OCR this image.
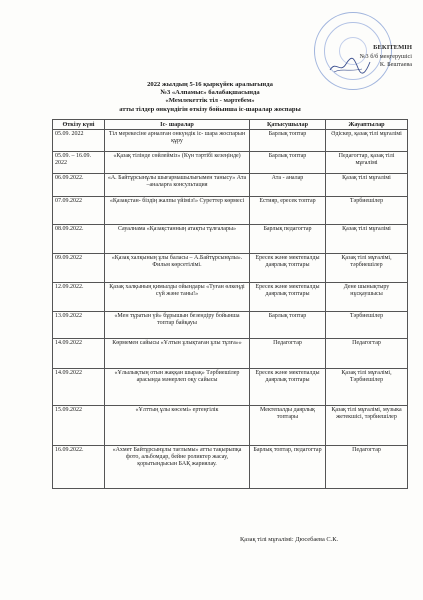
БЕКІТЕМІН
№3 б/б меңгерушісі
К. Бештаева
2022 жылдың 5-16 қыркүйек аралығында
№3 «Алпамыс» балабақшасында
«Мемлекеттік тіл - мәртебем»
атты тілдер онкүндігін өткізу бойынша іс-шаралар жоспары
Өткізу күні	Іс- шаралар	Қатысушылар	Жауаптылар
05.09. 2022	Тіл мерекесіне арналған онкүндік іс- шара жоспарын құру	Барлық топтар	Әдіскер, қазақ тілі мұғалімі
05.09. – 16.09. 2022	«Қазақ тілінде сөйлейміз» (Күн тәртібі кезеңінде)	Барлық топтар	Педагогтар, қазақ тілі мұғалімі
06.09.2022.	«А. Байтұрсынұлы шығармашылығымен танысу» Ата –аналарға консультация	Ата - аналар	Қазақ тілі мұғалімі
07.09.2022	«Қазақстан- біздің жалпы үйіміз!» Суреттер көрмесі	Естияр, ересек топтар	Тәрбиешілер
08.09.2022.	Сауалнама «Қазақстанның атақты тұлғалары»	Барлық педагогтар	Қазақ тілі мұғалімі
09.09.2022	«Қазақ халқының ұлы баласы – А.Байтұрсынұлы». Фильм көрсетілімі.	Ересек және мектепалды даярлық топтары	Қазақ тілі мұғалімі, тәрбиешілер
12.09.2022.	Қазақ халқының қимылды ойындары «Туған өлкеңді сүй және таны!»	Ересек және мектепалды даярлық топтары	Дене шынықтыру нұсқаушысы
13.09.2022	«Мен тұратын үй» бұрышын безендіру бойынша топтар байқауы	Барлық топтар	Тәрбиешілер
14.09.2022	Көрмемен сайысы «Ұлтын ұлықтаған ұлы тұлға»»	Педагогтар	Педагогтар
14.09.2022	«Ұлылықтың отын жаққан шырақ» Тәрбиешілер арасында мәнерлеп оқу сайысы	Ересек және мектепалды даярлық топтары	Қазақ тілі мұғалімі, Тәрбиешілер
15.09.2022	«Ұлттың ұлы көсемі» ертеңгілік	Мектепалды даярлық топтары	Қазақ тілі мұғалімі, музыка жетекшісі, тәрбиешілер
16.09.2022.	«Ахмет Байтұрсынұлы тағлымы» атты тақырыпқа фото, альбомдар, бейне роликтер жасау, қорытындысын БАҚ жариялау.	Барлық топтар, педагогтар	Педагогтар
Қазақ тілі мұғалімі: Дюсебаева С.К.
